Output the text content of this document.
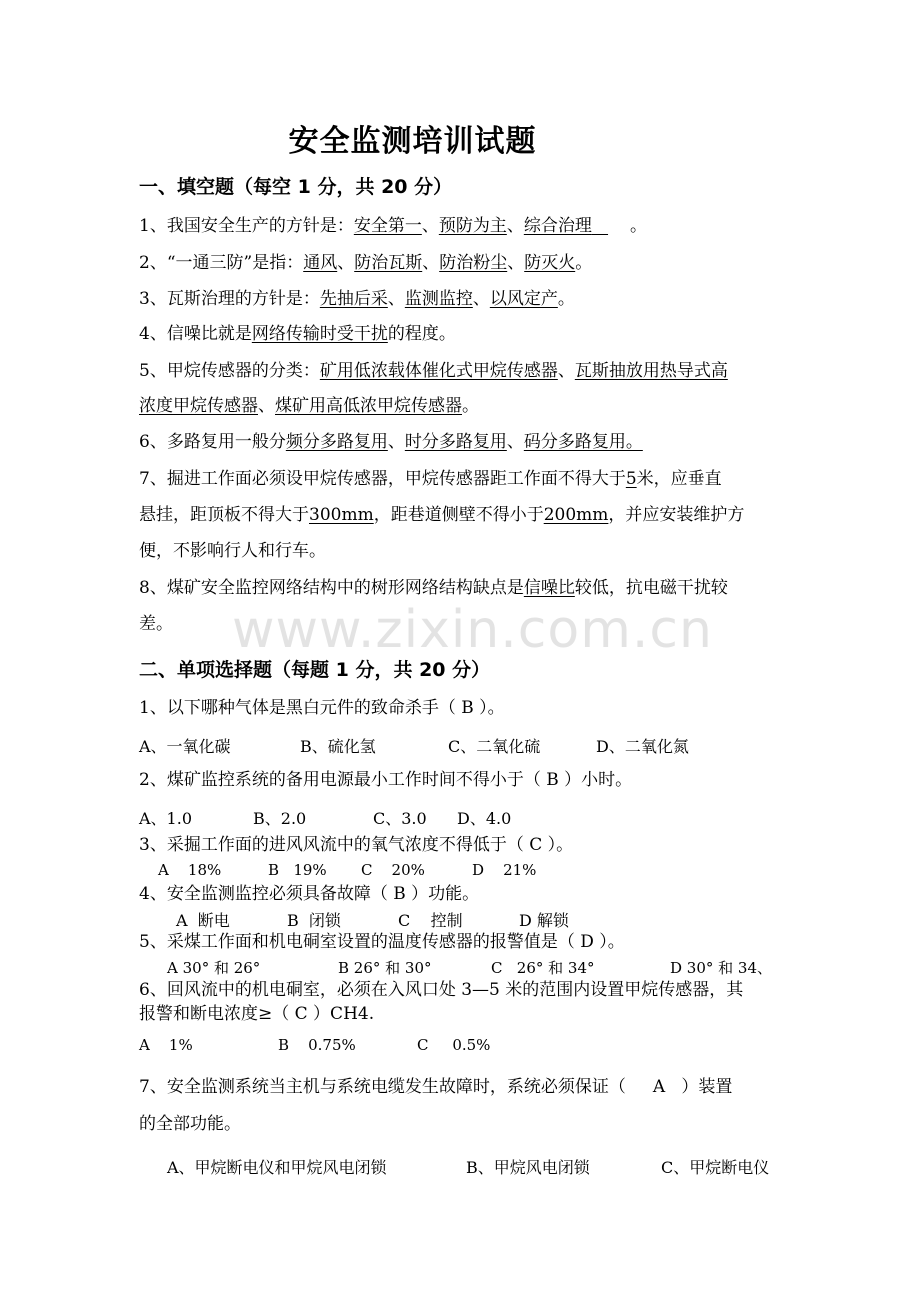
www.zixin.com.cn
安全监测培训试题
一、填空题（每空 1 分，共 20 分）

1、我国安全生产的方针是：安全第一、预防为主、综合治理 。

2、“一通三防”是指：通风、防治瓦斯、防治粉尘、防灭火。

3、瓦斯治理的方针是：先抽后采、监测监控、以风定产。

4、信噪比就是网络传输时受干扰的程度。

5、甲烷传感器的分类：矿用低浓载体催化式甲烷传感器、瓦斯抽放用热导式高

浓度甲烷传感器、煤矿用高低浓甲烷传感器。

6、多路复用一般分频分多路复用、时分多路复用、码分多路复用。

7、掘进工作面必须设甲烷传感器，甲烷传感器距工作面不得大于5米，应垂直

悬挂，距顶板不得大于300mm，距巷道侧壁不得小于200mm，并应安装维护方

便，不影响行人和行车。

8、煤矿安全监控网络结构中的树形网络结构缺点是信噪比较低，抗电磁干扰较

差。

二、单项选择题（每题 1 分，共 20 分）

1、以下哪种气体是黑白元件的致命杀手（ B ）。

A、一氧化碳	B、硫化氢	C、二氧化硫	D、二氧化氮

2、煤矿监控系统的备用电源最小工作时间不得小于（ B ）小时。

A、1.0	B、2.0	C、3.0 D、4.0

3、采掘工作面的进风风流中的氧气浓度不得低于（ C ）。

A    18%	B   19% C    20%	D    21%

4、安全监测监控必须具备故障（ B ）功能。

A  断电	B  闭锁	C    控制	D 解锁

5、采煤工作面和机电硐室设置的温度传感器的报警值是（ D ）。

A 30° 和 26°	B 26° 和 30°	C   26° 和 34°	D 30° 和 34、

6、回风流中的机电硐室，必须在入风口处 3—5 米的范围内设置甲烷传感器，其

报警和断电浓度≥（ C ）CH4.

A    1%	B    0.75%	C     0.5%

7、安全监测系统当主机与系统电缆发生故障时，系统必须保证（     A   ）装置

的全部功能。

A、甲烷断电仪和甲烷风电闭锁	B、甲烷风电闭锁	C、甲烷断电仪
